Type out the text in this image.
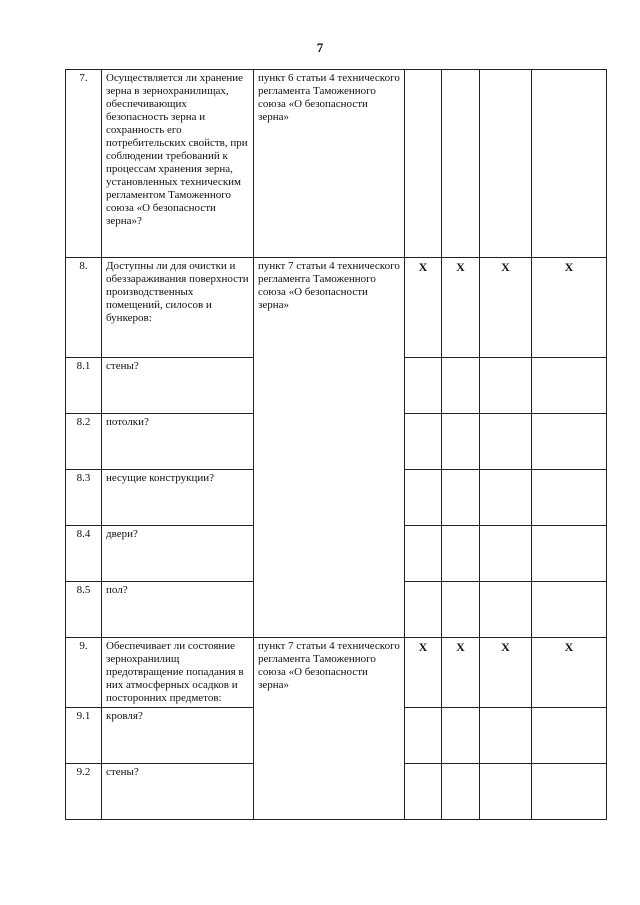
7
7.	Осуществляется ли хранение зерна в зернохранилищах, обеспечивающих безопасность зерна и сохранность его потребительских свойств, при соблюдении требований к процессам хранения зерна, установленных техническим регламентом Таможенного союза «О безопасности зерна»?	пункт 6 статьи 4 технического регламента Таможенного союза «О безопасности зерна»				
8.	Доступны ли для очистки и обеззараживания поверхности производственных помещений, силосов и бункеров:	пункт 7 статьи 4 технического регламента Таможенного союза «О безопасности зерна»	Х	Х	Х	Х
8.1	стены?					
8.2	потолки?					
8.3	несущие конструкции?					
8.4	двери?					
8.5	пол?					
9.	Обеспечивает ли состояние зернохранилищ предотвращение попадания в них атмосферных осадков и посторонних предметов:	пункт 7 статьи 4 технического регламента Таможенного союза «О безопасности зерна»	Х	Х	Х	Х
9.1	кровля?					
9.2	стены?					
